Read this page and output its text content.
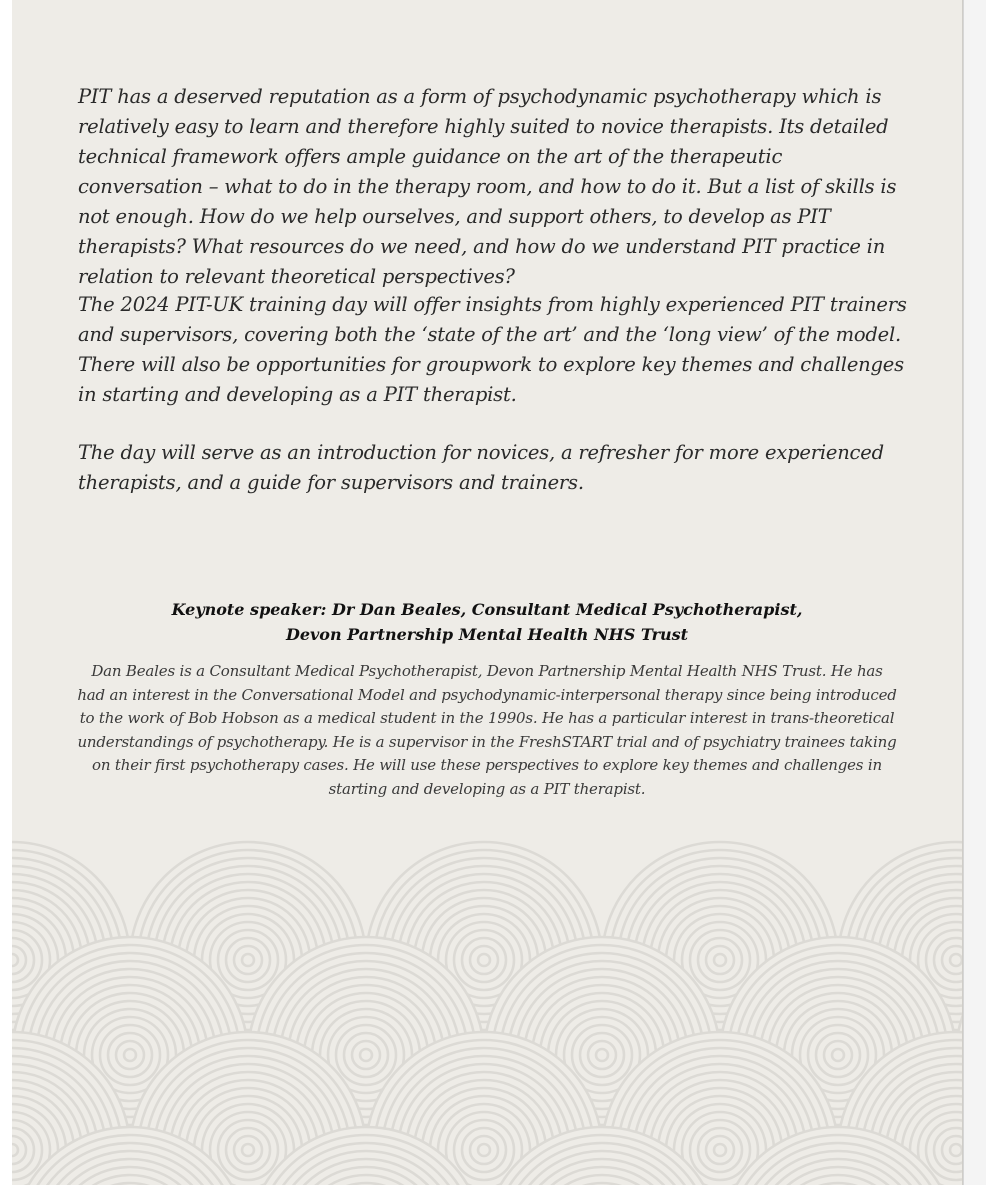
PIT has a deserved reputation as a form of psychodynamic psychotherapy which is relatively easy to learn and therefore highly suited to novice therapists. Its detailed technical framework offers ample guidance on the art of the therapeutic conversation – what to do in the therapy room, and how to do it. But a list of skills is not enough. How do we help ourselves, and support others, to develop as PIT therapists? What resources do we need, and how do we understand PIT practice in relation to relevant theoretical perspectives?

The 2024 PIT-UK training day will offer insights from highly experienced PIT trainers and supervisors, covering both the ‘state of the art’ and the ‘long view’ of the model. There will also be opportunities for groupwork to explore key themes and challenges in starting and developing as a PIT therapist.

The day will serve as an introduction for novices, a refresher for more experienced therapists, and a guide for supervisors and trainers.

Keynote speaker: Dr Dan Beales, Consultant Medical Psychotherapist,
Devon Partnership Mental Health NHS Trust

Dan Beales is a Consultant Medical Psychotherapist, Devon Partnership Mental Health NHS Trust. He has had an interest in the Conversational Model and psychodynamic-interpersonal therapy since being introduced to the work of Bob Hobson as a medical student in the 1990s. He has a particular interest in trans-theoretical understandings of psychotherapy. He is a supervisor in the FreshSTART trial and of psychiatry trainees taking on their first psychotherapy cases. He will use these perspectives to explore key themes and challenges in starting and developing as a PIT therapist.
